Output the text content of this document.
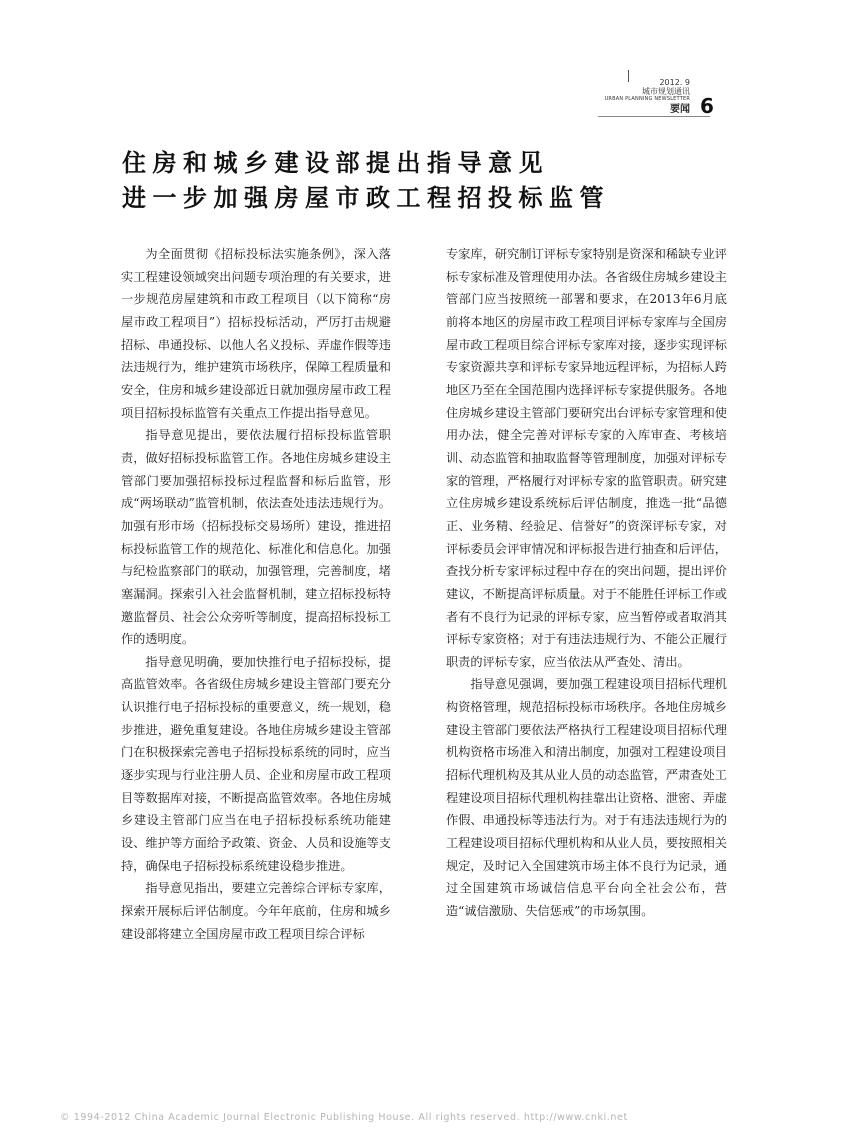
2012. 9
城市规划通讯
URBAN PLANNING NEWSLETTER
要闻 6
住房和城乡建设部提出指导意见
进一步加强房屋市政工程招投标监管

为全面贯彻《招标投标法实施条例》，深入落实工程建设领域突出问题专项治理的有关要求，进一步规范房屋建筑和市政工程项目（以下简称“房屋市政工程项目”）招标投标活动，严厉打击规避招标、串通投标、以他人名义投标、弄虚作假等违法违规行为，维护建筑市场秩序，保障工程质量和安全，住房和城乡建设部近日就加强房屋市政工程项目招标投标监管有关重点工作提出指导意见。

指导意见提出，要依法履行招标投标监管职责，做好招标投标监管工作。各地住房城乡建设主管部门要加强招标投标过程监督和标后监管，形成“两场联动”监管机制，依法查处违法违规行为。加强有形市场（招标投标交易场所）建设，推进招标投标监管工作的规范化、标准化和信息化。加强与纪检监察部门的联动，加强管理，完善制度，堵塞漏洞。探索引入社会监督机制，建立招标投标特邀监督员、社会公众旁听等制度，提高招标投标工作的透明度。

指导意见明确，要加快推行电子招标投标，提高监管效率。各省级住房城乡建设主管部门要充分认识推行电子招标投标的重要意义，统一规划，稳步推进，避免重复建设。各地住房城乡建设主管部门在积极探索完善电子招标投标系统的同时，应当逐步实现与行业注册人员、企业和房屋市政工程项目等数据库对接，不断提高监管效率。各地住房城乡建设主管部门应当在电子招标投标系统功能建设、维护等方面给予政策、资金、人员和设施等支持，确保电子招标投标系统建设稳步推进。

指导意见指出，要建立完善综合评标专家库，探索开展标后评估制度。今年年底前，住房和城乡建设部将建立全国房屋市政工程项目综合评标

专家库，研究制订评标专家特别是资深和稀缺专业评标专家标准及管理使用办法。各省级住房城乡建设主管部门应当按照统一部署和要求，在2013年6月底前将本地区的房屋市政工程项目评标专家库与全国房屋市政工程项目综合评标专家库对接，逐步实现评标专家资源共享和评标专家异地远程评标，为招标人跨地区乃至在全国范围内选择评标专家提供服务。各地住房城乡建设主管部门要研究出台评标专家管理和使用办法，健全完善对评标专家的入库审查、考核培训、动态监管和抽取监督等管理制度，加强对评标专家的管理，严格履行对评标专家的监管职责。研究建立住房城乡建设系统标后评估制度，推选一批“品德正、业务精、经验足、信誉好”的资深评标专家，对评标委员会评审情况和评标报告进行抽查和后评估，查找分析专家评标过程中存在的突出问题，提出评价建议，不断提高评标质量。对于不能胜任评标工作或者有不良行为记录的评标专家，应当暂停或者取消其评标专家资格；对于有违法违规行为、不能公正履行职责的评标专家，应当依法从严查处、清出。

指导意见强调，要加强工程建设项目招标代理机构资格管理，规范招标投标市场秩序。各地住房城乡建设主管部门要依法严格执行工程建设项目招标代理机构资格市场准入和清出制度，加强对工程建设项目招标代理机构及其从业人员的动态监管，严肃查处工程建设项目招标代理机构挂靠出让资格、泄密、弄虚作假、串通投标等违法行为。对于有违法违规行为的工程建设项目招标代理机构和从业人员，要按照相关规定，及时记入全国建筑市场主体不良行为记录，通过全国建筑市场诚信信息平台向全社会公布，营造“诚信激励、失信惩戒”的市场氛围。

© 1994-2012 China Academic Journal Electronic Publishing House. All rights reserved. http://www.cnki.net
